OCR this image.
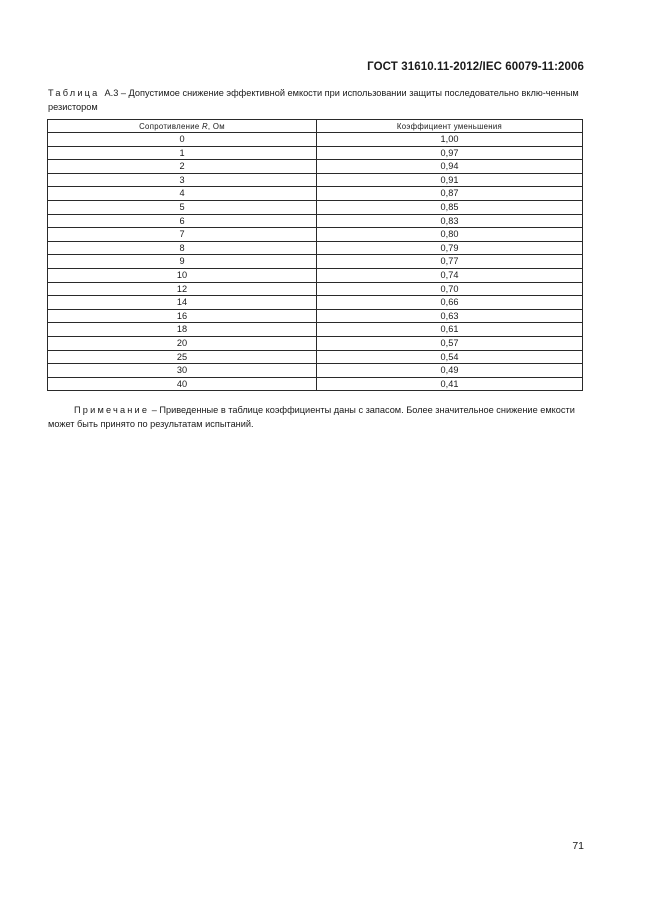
ГОСТ 31610.11-2012/IEC 60079-11:2006
Таблица А.3 – Допустимое снижение эффективной емкости при использовании защиты последовательно вклю-ченным резистором
Сопротивление R, Ом	Коэффициент уменьшения
0	1,00
1	0,97
2	0,94
3	0,91
4	0,87
5	0,85
6	0,83
7	0,80
8	0,79
9	0,77
10	0,74
12	0,70
14	0,66
16	0,63
18	0,61
20	0,57
25	0,54
30	0,49
40	0,41
Примечание – Приведенные в таблице коэффициенты даны с запасом. Более значительное снижение емкости может быть принято по результатам испытаний.
71
